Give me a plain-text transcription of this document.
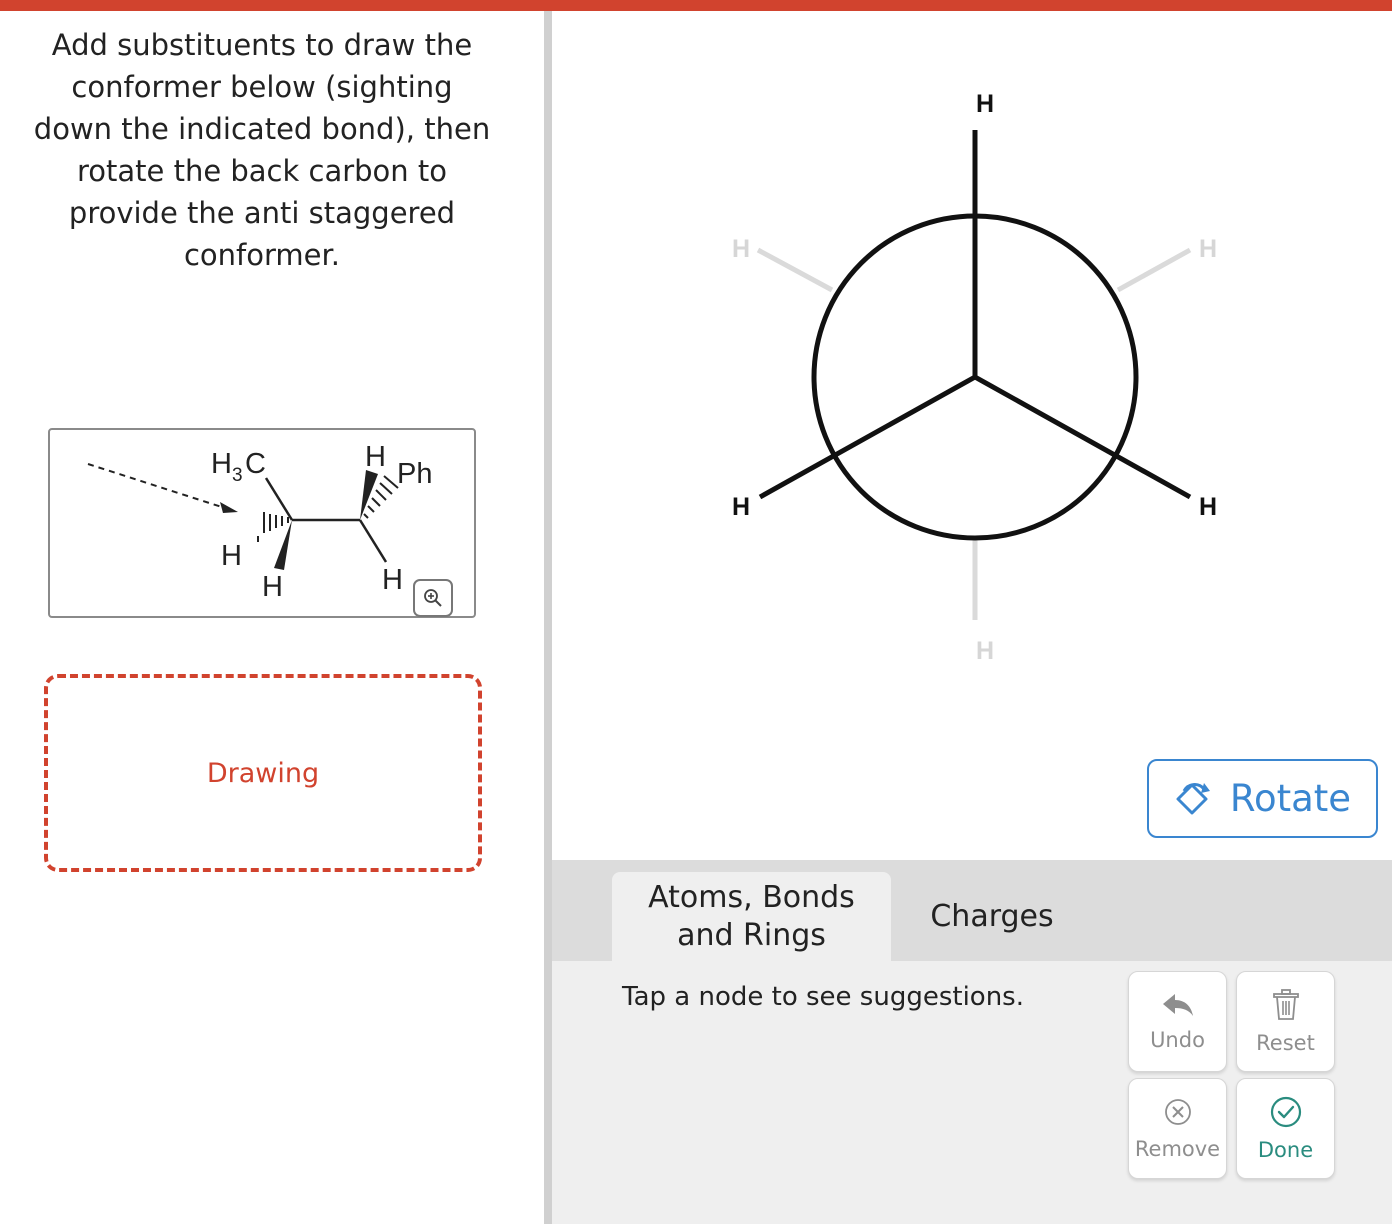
Add substituents to draw the
conformer below (sighting
down the indicated bond), then
rotate the back carbon to
provide the anti staggered
conformer.
H 3 C	H
Ph
H
H	H
Drawing
H
H	H
H	H
H
Rotate
Atoms, Bonds
and Rings
Charges
Tap a node to see suggestions.
Undo Reset
Remove Done
